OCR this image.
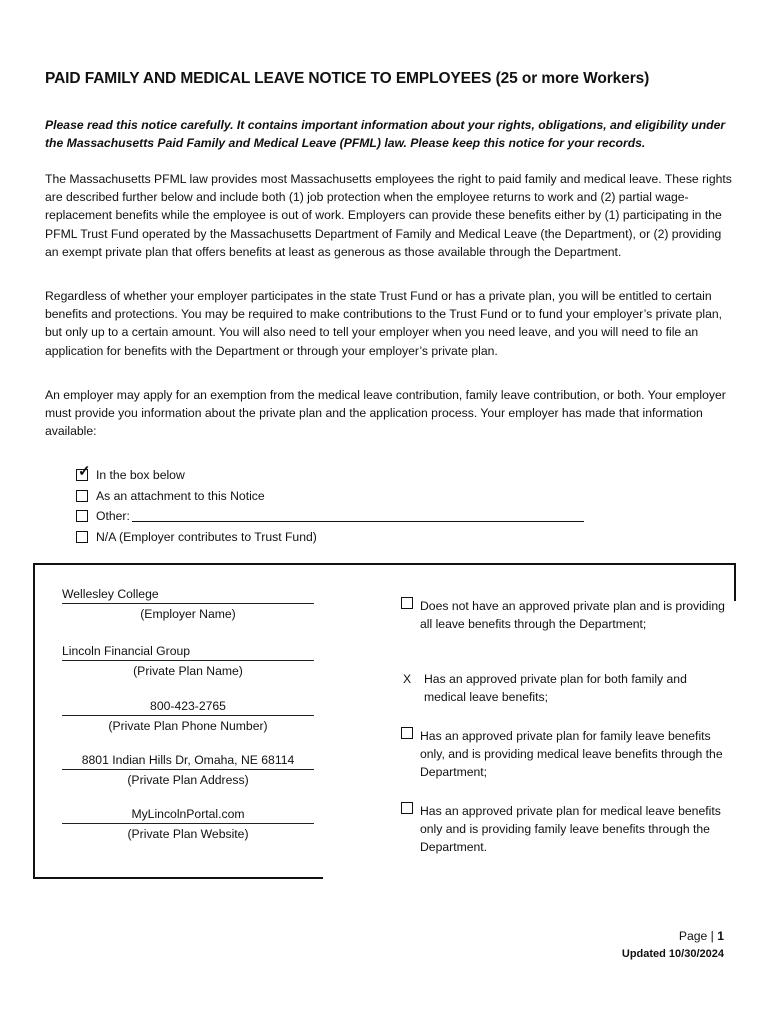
PAID FAMILY AND MEDICAL LEAVE NOTICE TO EMPLOYEES (25 or more Workers)
Please read this notice carefully. It contains important information about your rights, obligations, and eligibility under the Massachusetts Paid Family and Medical Leave (PFML) law. Please keep this notice for your records.
The Massachusetts PFML law provides most Massachusetts employees the right to paid family and medical leave. These rights are described further below and include both (1) job protection when the employee returns to work and (2) partial wage-replacement benefits while the employee is out of work. Employers can provide these benefits either by (1) participating in the PFML Trust Fund operated by the Massachusetts Department of Family and Medical Leave (the Department), or (2) providing an exempt private plan that offers benefits at least as generous as those available through the Department.
Regardless of whether your employer participates in the state Trust Fund or has a private plan, you will be entitled to certain benefits and protections. You may be required to make contributions to the Trust Fund or to fund your employer’s private plan, but only up to a certain amount. You will also need to tell your employer when you need leave, and you will need to file an application for benefits with the Department or through your employer’s private plan.
An employer may apply for an exemption from the medical leave contribution, family leave contribution, or both. Your employer must provide you information about the private plan and the application process. Your employer has made that information available:
✓ In the box below
As an attachment to this Notice
Other:
N/A (Employer contributes to Trust Fund)
Wellesley College
(Employer Name)
Lincoln Financial Group
(Private Plan Name)
800-423-2765
(Private Plan Phone Number)
8801 Indian Hills Dr, Omaha, NE 68114
(Private Plan Address)
MyLincolnPortal.com
(Private Plan Website)
Does not have an approved private plan and is providing all leave benefits through the Department;
X Has an approved private plan for both family and medical leave benefits;
Has an approved private plan for family leave benefits only, and is providing medical leave benefits through the Department;
Has an approved private plan for medical leave benefits only and is providing family leave benefits through the Department.
Page | 1
Updated 10/30/2024
